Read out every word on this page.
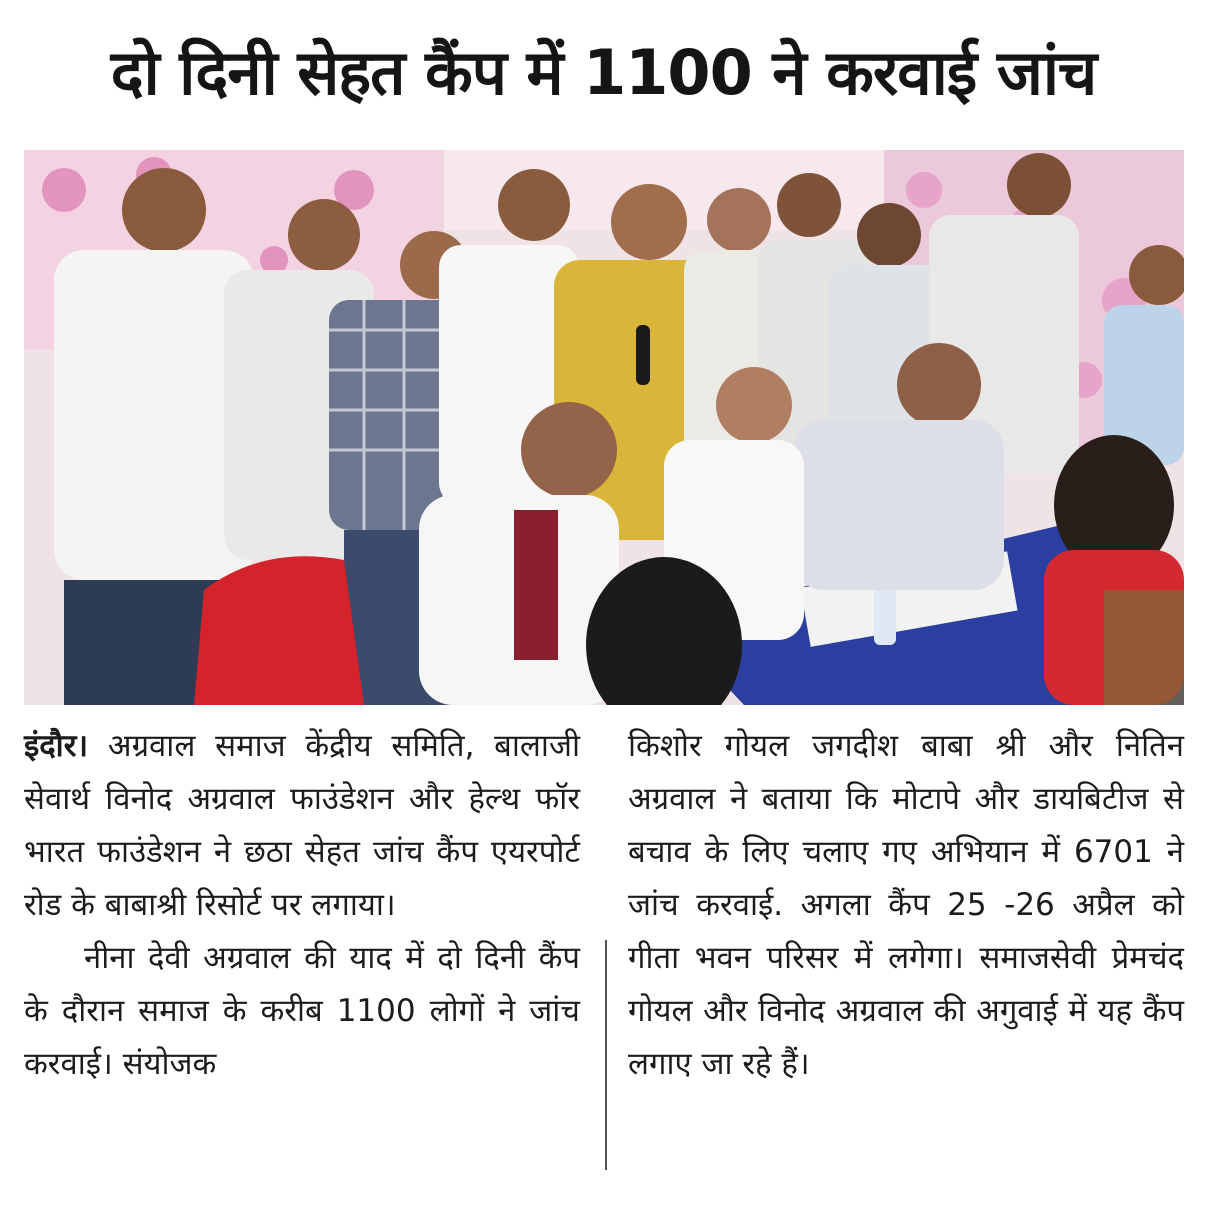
दो दिनी सेहत कैंप में 1100 ने करवाई जांच

इंदौर। अग्रवाल समाज केंद्रीय समिति, बालाजी सेवार्थ विनोद अग्रवाल फाउंडेशन और हेल्थ फॉर भारत फाउंडेशन ने छठा सेहत जांच कैंप एयरपोर्ट रोड के बाबाश्री रिसोर्ट पर लगाया।

नीना देवी अग्रवाल की याद में दो दिनी कैंप के दौरान समाज के करीब 1100 लोगों ने जांच करवाई। संयोजक

किशोर गोयल जगदीश बाबा श्री और नितिन अग्रवाल ने बताया कि मोटापे और डायबिटीज से बचाव के लिए चलाए गए अभियान में 6701 ने जांच करवाई. अगला कैंप 25 -26 अप्रैल को गीता भवन परिसर में लगेगा। समाजसेवी प्रेमचंद गोयल और विनोद अग्रवाल की अगुवाई में यह कैंप लगाए जा रहे हैं।
